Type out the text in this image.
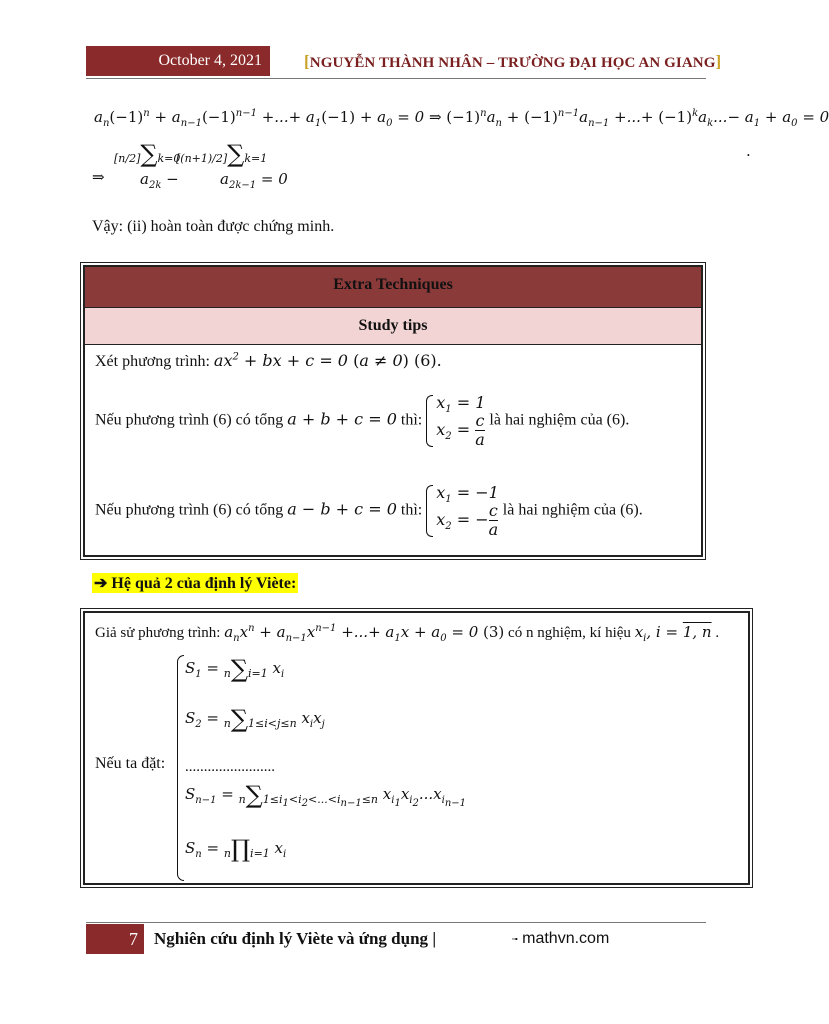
October 4, 2021	[NGUYỄN THÀNH NHÂN – TRƯỜNG ĐẠI HỌC AN GIANG]
$a_n(-1)^n + a_{n-1}(-1)^{n-1}$ +...+ $a_1(-1) + a_0 = 0$ ⇒ $(-1)^na_n + (-1)^{n-1}a_{n-1}$ +...+ $(-1)^ka_k...- a_1 + a_0 = 0$
⇒
[n/2]∑k=0
$a_{2k}$ −
[(n+1)/2]∑k=1
$a_{2k-1} = 0$
.
Vậy: (ii) hoàn toàn được chứng minh.
Extra Techniques
Study tips
Xét phương trình: $ax^2$ + bx + c = 0 (a ≠ 0) (6).
Nếu phương trình (6) có tổng a + b + c = 0 thì:
$x_1 = 1$
$x_2 = \frac{c}{a}$ là hai nghiệm của (6).
Nếu phương trình (6) có tổng a − b + c = 0 thì:
$x_1 = -1$
$x_2$ = − $\frac{c}{a}$ là hai nghiệm của (6).
➔ Hệ quả 2 của định lý Viète:
Giả sử phương trình: $a_nx^n + a_{n-1}x^{n-1}$ +...+ $a_1x + a_0 = 0$ (3) có n nghiệm, kí hiệu $x_i$, i = 1, n .
Nếu ta đặt:
$S_1 = n\sum i=1$ $x_i$
$S_2 = n\sum 1\le i<j\le n$ $x_ix_j$
........................
$S_{n-1} = n\sum 1\le i_1<i_2<...<i_{n-1}\le n$ $x_{i_1}x_{i_2}...x_{i_{n-1}}$
$S_n$ = n∏i=1 $x_i$
7 Nghiên cứu định lý Viète và ứng dụng |	▫▪ mathvn.com
